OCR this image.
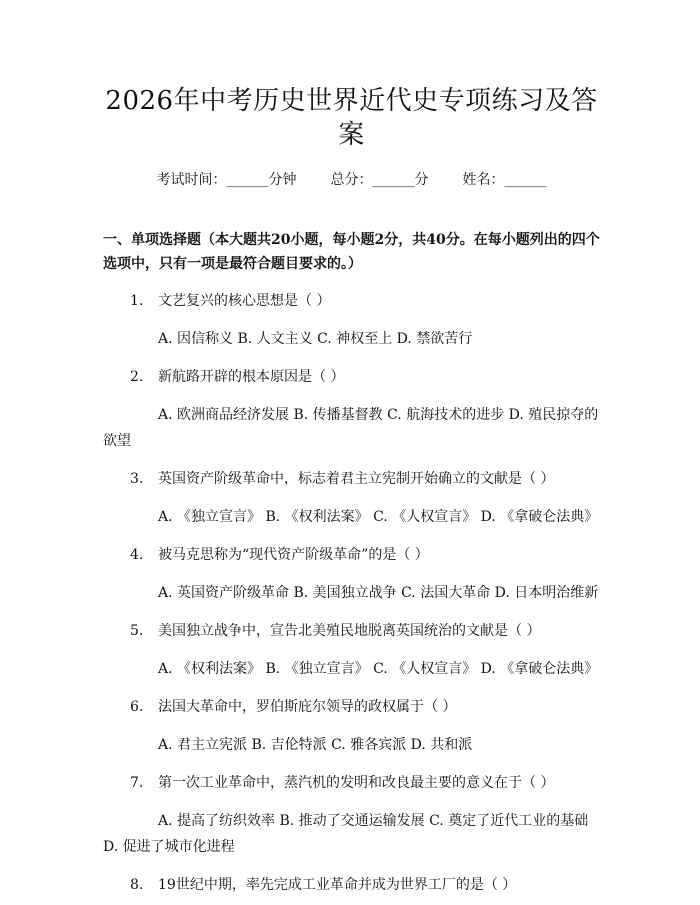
2026年中考历史世界近代史专项练习及答案
考试时间：______分钟 总分：______分 姓名：______
一、单项选择题（本大题共20小题，每小题2分，共40分。在每小题列出的四个选项中，只有一项是最符合题目要求的。）
1. 文艺复兴的核心思想是（ ）
A. 因信称义 B. 人文主义 C. 神权至上 D. 禁欲苦行
2. 新航路开辟的根本原因是（ ）
A. 欧洲商品经济发展 B. 传播基督教 C. 航海技术的进步 D. 殖民掠夺的欲望
3. 英国资产阶级革命中，标志着君主立宪制开始确立的文献是（ ）
A. 《独立宣言》 B. 《权利法案》 C. 《人权宣言》 D. 《拿破仑法典》
4. 被马克思称为“现代资产阶级革命”的是（ ）
A. 英国资产阶级革命 B. 美国独立战争 C. 法国大革命 D. 日本明治维新
5. 美国独立战争中，宣告北美殖民地脱离英国统治的文献是（ ）
A. 《权利法案》 B. 《独立宣言》 C. 《人权宣言》 D. 《拿破仑法典》
6. 法国大革命中，罗伯斯庇尔领导的政权属于（ ）
A. 君主立宪派 B. 吉伦特派 C. 雅各宾派 D. 共和派
7. 第一次工业革命中，蒸汽机的发明和改良最主要的意义在于（ ）
A. 提高了纺织效率 B. 推动了交通运输发展 C. 奠定了近代工业的基础 D. 促进了城市化进程
8. 19世纪中期，率先完成工业革命并成为世界工厂的是（ ）
